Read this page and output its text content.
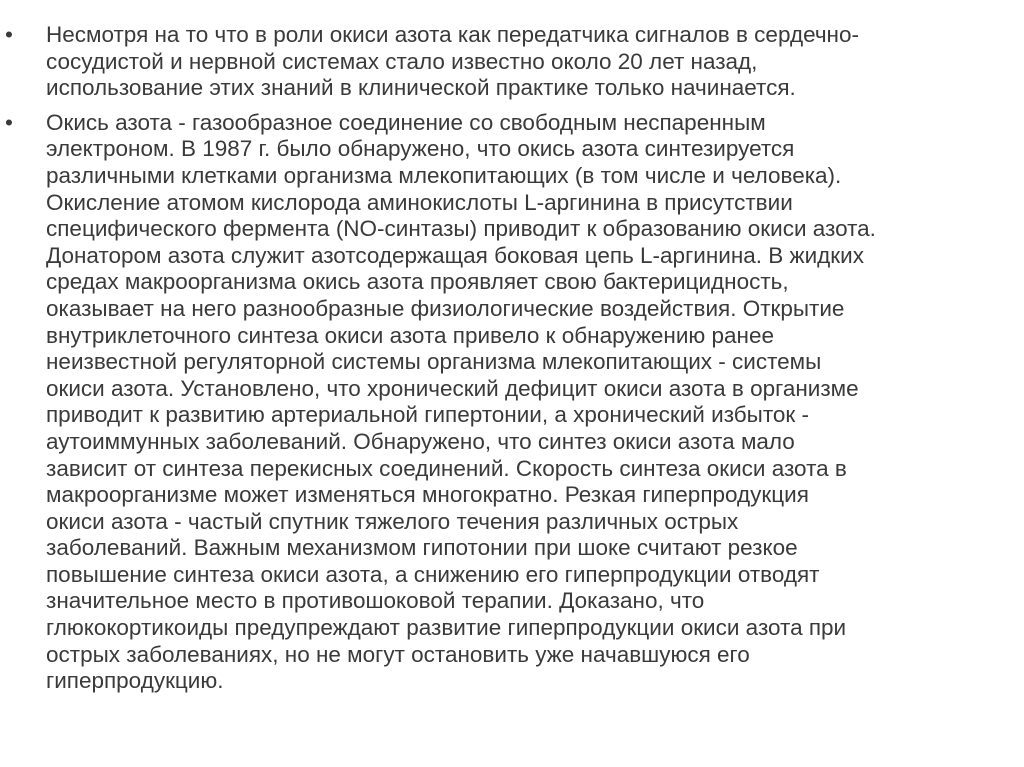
• Несмотря на то что в роли окиси азота как передатчика сигналов в сердечно-
сосудистой и нервной системах стало известно около 20 лет назад,
использование этих знаний в клинической практике только начинается.
• Окись азота - газообразное соединение со свободным неспаренным
электроном. В 1987 г. было обнаружено, что окись азота синтезируется
различными клетками организма млекопитающих (в том числе и человека).
Окисление атомом кислорода аминокислоты L-аргинина в присутствии
специфического фермента (NO-синтазы) приводит к образованию окиси азота.
Донатором азота служит азотсодержащая боковая цепь L-аргинина. В жидких
средах макроорганизма окись азота проявляет свою бактерицидность,
оказывает на него разнообразные физиологические воздействия. Открытие
внутриклеточного синтеза окиси азота привело к обнаружению ранее
неизвестной регуляторной системы организма млекопитающих - системы
окиси азота. Установлено, что хронический дефицит окиси азота в организме
приводит к развитию артериальной гипертонии, а хронический избыток -
аутоиммунных заболеваний. Обнаружено, что синтез окиси азота мало
зависит от синтеза перекисных соединений. Скорость синтеза окиси азота в
макроорганизме может изменяться многократно. Резкая гиперпродукция
окиси азота - частый спутник тяжелого течения различных острых
заболеваний. Важным механизмом гипотонии при шоке считают резкое
повышение синтеза окиси азота, а снижению его гиперпродукции отводят
значительное место в противошоковой терапии. Доказано, что
глюкокортикоиды предупреждают развитие гиперпродукции окиси азота при
острых заболеваниях, но не могут остановить уже начавшуюся его
гиперпродукцию.
